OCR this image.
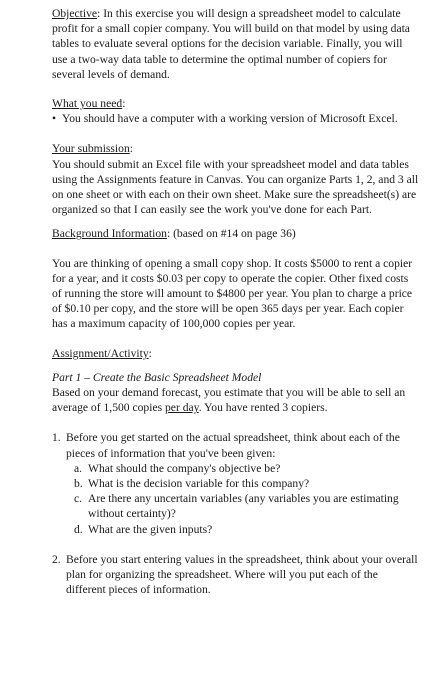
Objective: In this exercise you will design a spreadsheet model to calculate profit for a small copier company. You will build on that model by using data tables to evaluate several options for the decision variable. Finally, you will use a two-way data table to determine the optimal number of copiers for several levels of demand.

What you need:

• You should have a computer with a working version of Microsoft Excel.

Your submission:

You should submit an Excel file with your spreadsheet model and data tables using the Assignments feature in Canvas. You can organize Parts 1, 2, and 3 all on one sheet or with each on their own sheet. Make sure the spreadsheet(s) are organized so that I can easily see the work you've done for each Part.

Background Information: (based on #14 on page 36)

You are thinking of opening a small copy shop. It costs $5000 to rent a copier for a year, and it costs $0.03 per copy to operate the copier. Other fixed costs of running the store will amount to $4800 per year. You plan to charge a price of $0.10 per copy, and the store will be open 365 days per year. Each copier has a maximum capacity of 100,000 copies per year.

Assignment/Activity:

Part 1 – Create the Basic Spreadsheet Model

Based on your demand forecast, you estimate that you will be able to sell an average of 1,500 copies per day. You have rented 3 copiers.

1. Before you get started on the actual spreadsheet, think about each of the pieces of information that you've been given:

a. What should the company's objective be?
b. What is the decision variable for this company?
c. Are there any uncertain variables (any variables you are estimating without certainty)?
d. What are the given inputs?
2. Before you start entering values in the spreadsheet, think about your overall plan for organizing the spreadsheet. Where will you put each of the different pieces of information.
